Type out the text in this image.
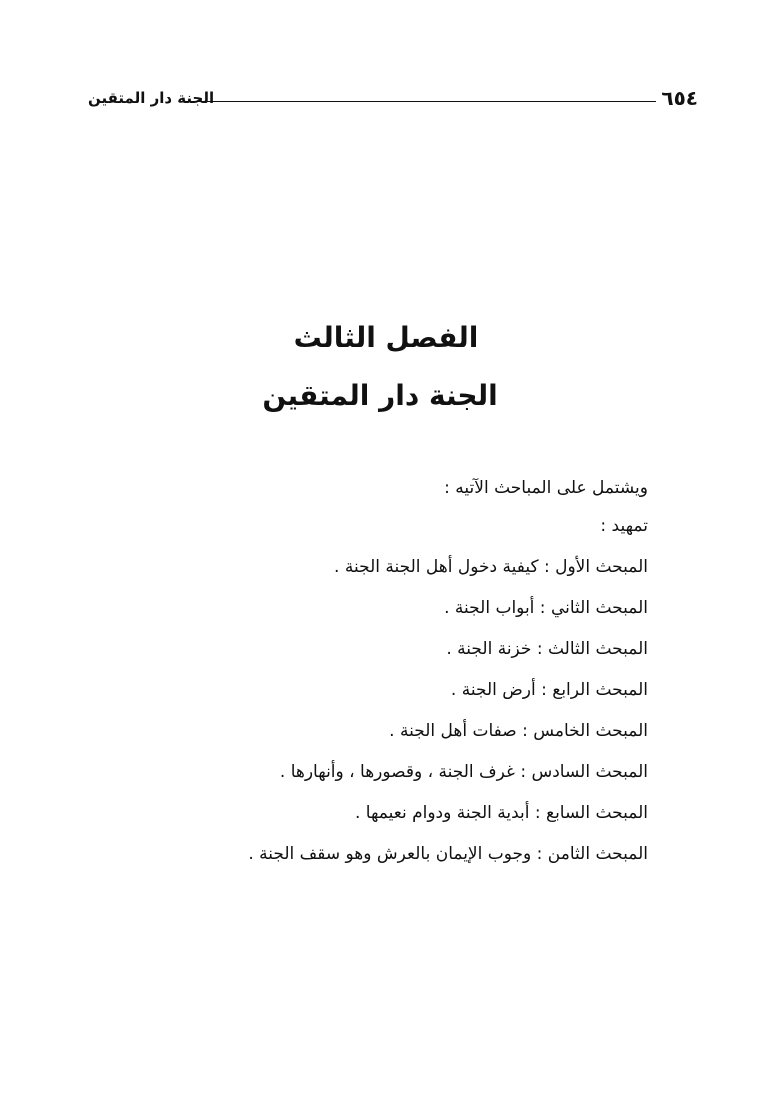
٦٥٤
الجنة دار المتقين
الفصل الثالث
الجنة دار المتقين

ويشتمل على المباحث الآتيه :

تمهيد :
المبحث الأول : كيفية دخول أهل الجنة الجنة .
المبحث الثاني : أبواب الجنة .
المبحث الثالث : خزنة الجنة .
المبحث الرابع : أرض الجنة .
المبحث الخامس : صفات أهل الجنة .
المبحث السادس : غرف الجنة ، وقصورها ، وأنهارها .
المبحث السابع : أبدية الجنة ودوام نعيمها .
المبحث الثامن : وجوب الإيمان بالعرش وهو سقف الجنة .
